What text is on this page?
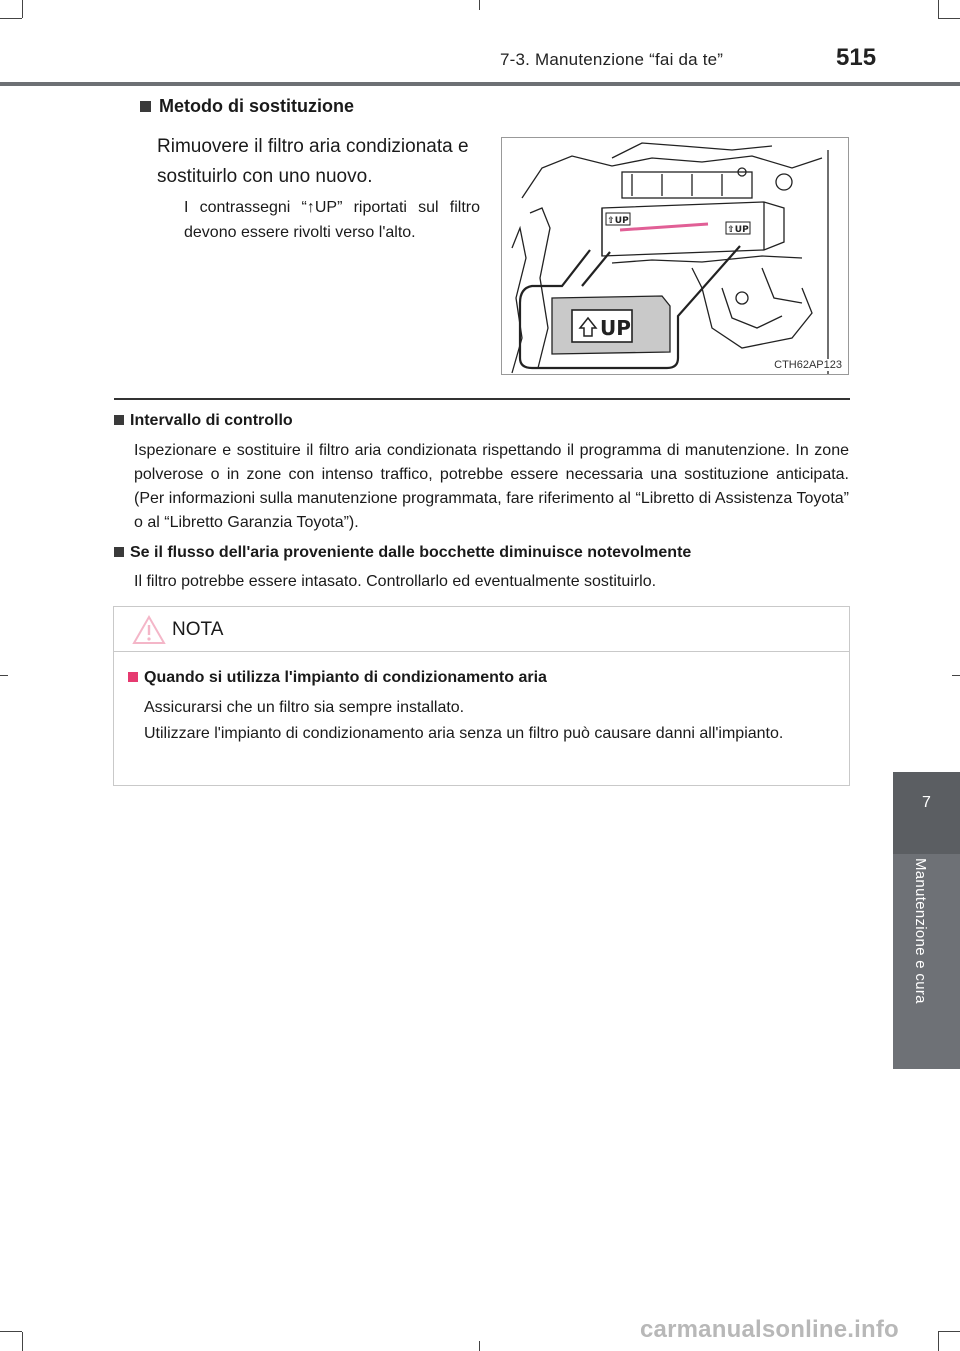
7-3. Manutenzione “fai da te”	515
7
Manutenzione e cura
Metodo di sostituzione
Rimuovere il filtro aria condizionata e sostituirlo con uno nuovo.
I contrassegni “↑UP” riportati sul filtro devono essere rivolti verso l'alto.
⇧UP
⇧UP
UP
CTH62AP123
Intervallo di controllo
Ispezionare e sostituire il filtro aria condizionata rispettando il programma di manutenzione. In zone polverose o in zone con intenso traffico, potrebbe essere necessaria una sostituzione anticipata. (Per informazioni sulla manutenzione programmata, fare riferimento al “Libretto di Assistenza Toyota” o al “Libretto Garanzia Toyota”).
Se il flusso dell'aria proveniente dalle bocchette diminuisce notevolmente
Il filtro potrebbe essere intasato. Controllarlo ed eventualmente sostituirlo.
NOTA
Quando si utilizza l'impianto di condizionamento aria

Assicurarsi che un filtro sia sempre installato.

Utilizzare l'impianto di condizionamento aria senza un filtro può causare danni all'impianto.

carmanualsonline.info
